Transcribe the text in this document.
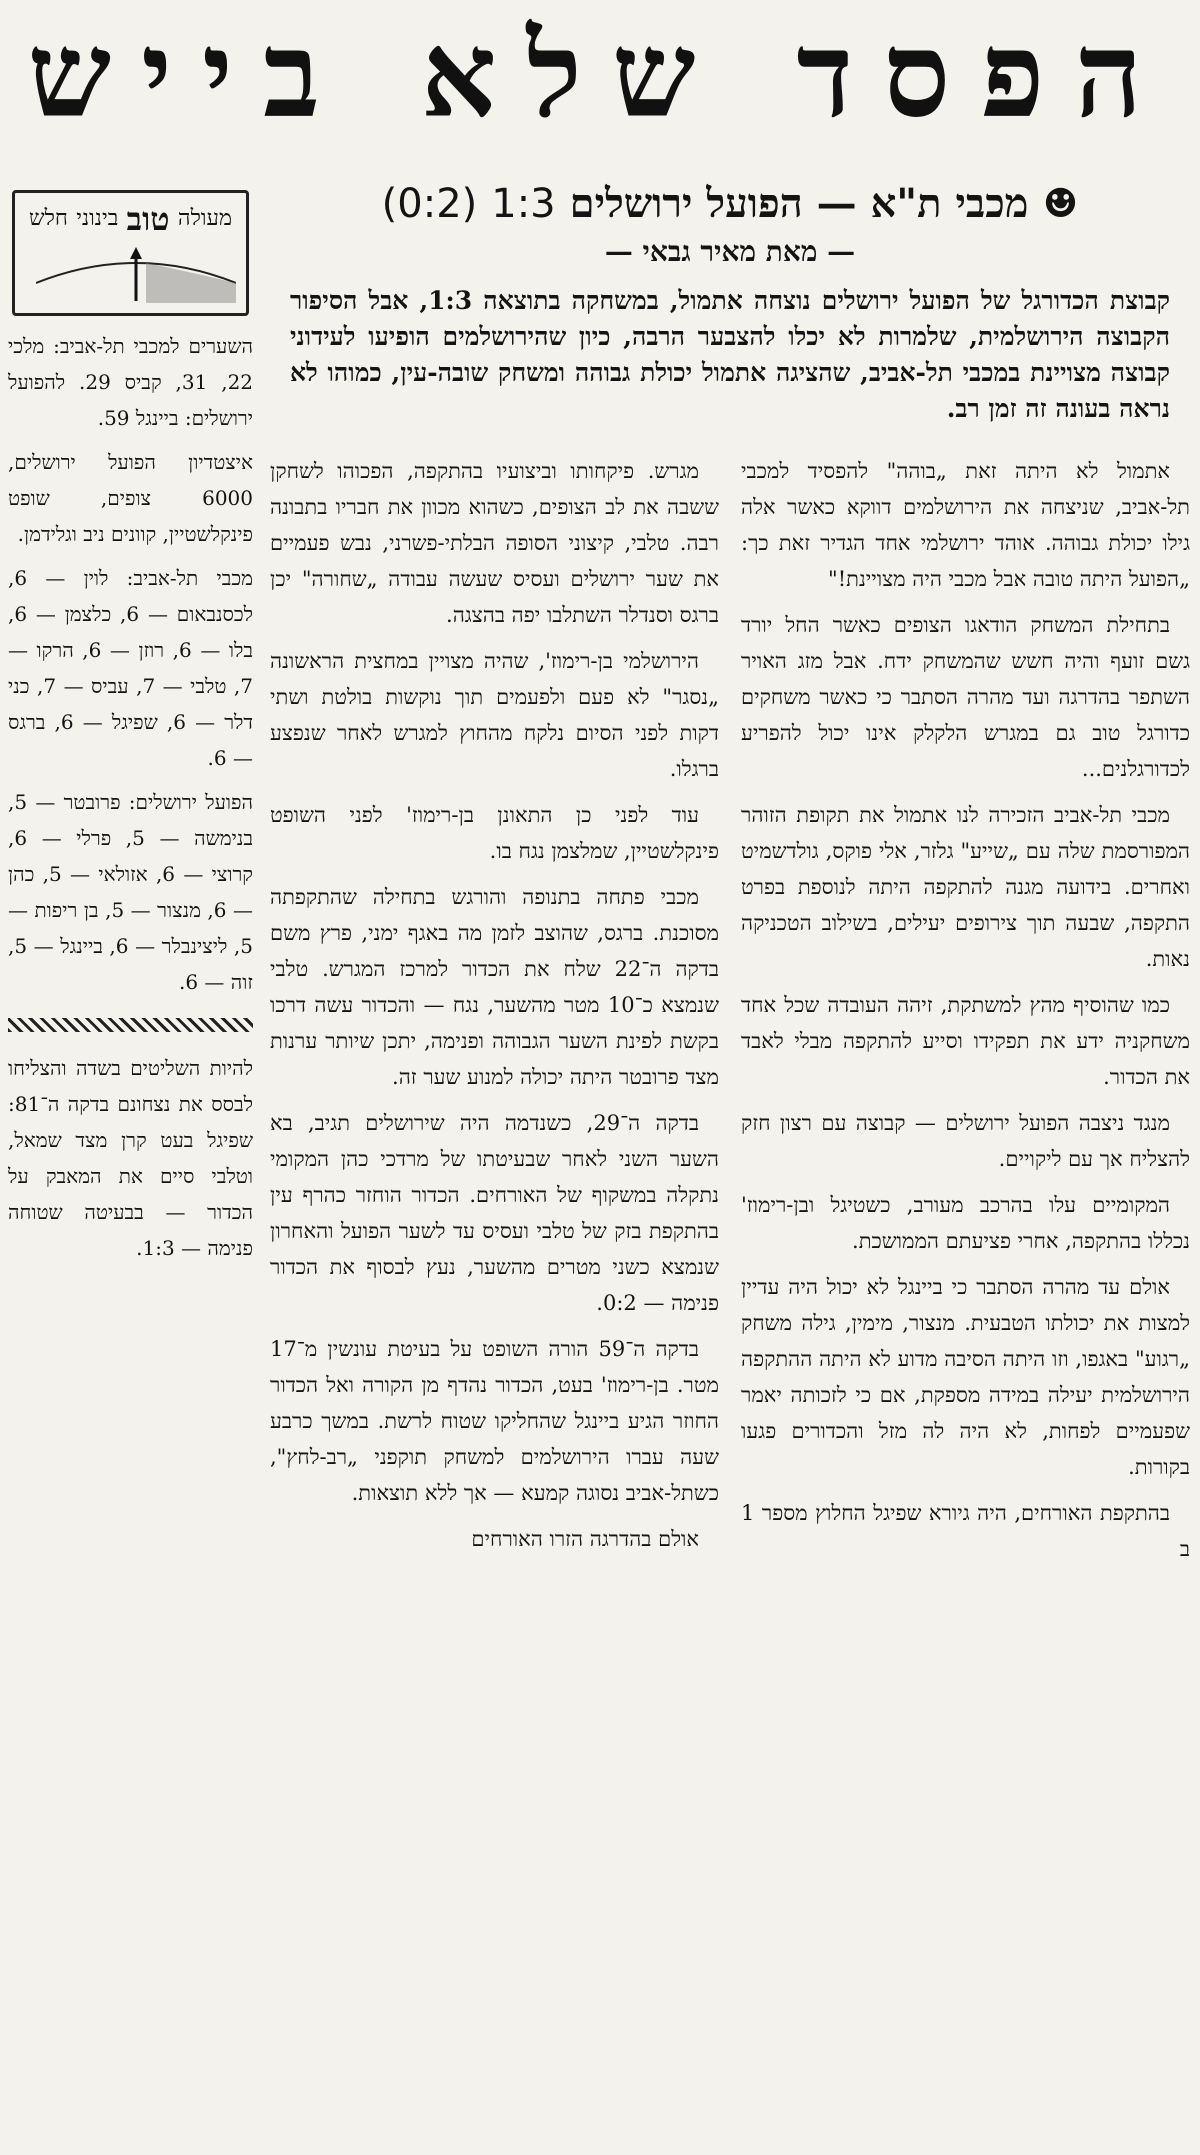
הפסד שלא בייש
☻
מכבי ת"א — הפועל ירושלים
1:3
(0:2)
— מאת מאיר גבאי —
קבוצת הכדורגל של הפועל ירושלים נוצחה אתמול, במשחקה בתוצאה 1:3, אבל הסיפור הקבוצה הירושלמית, שלמרות לא יכלו להצבער הרבה, כיון שהירושלמים הופיעו לעידוני קבוצה מצויינת במכבי תל-אביב, שהציגה אתמול יכולת גבוהה ומשחק שובה-עין, כמוהו לא נראה בעונה זה זמן רב.

אתמול לא היתה זאת „בוהה" להפסיד למכבי תל-אביב, שניצחה את הירושלמים דווקא כאשר אלה גילו יכולת גבוהה. אוהד ירושלמי אחד הגדיר זאת כך: „הפועל היתה טובה אבל מכבי היה מצויינת!"

בתחילת המשחק הודאגו הצופים כאשר החל יורד גשם זועף והיה חשש שהמשחק ידח. אבל מזג האויר השתפר בהדרגה ועד מהרה הסתבר כי כאשר משחקים כדורגל טוב גם במגרש הלקלק אינו יכול להפריע לכדורגלנים...

מכבי תל-אביב הזכירה לנו אתמול את תקופת הזוהר המפורסמת שלה עם „שייע" גלזר, אלי פוקס, גולדשמיט ואחרים. בידועה מגנה להתקפה היתה לנוספת בפרט התקפה, שבעה תוך צירופים יעילים, בשילוב הטכניקה נאות.

כמו שהוסיף מהץ למשתקת, זיהה העובדה שכל אחד משחקניה ידע את תפקידו וסייע להתקפה מבלי לאבד את הכדור.

מנגד ניצבה הפועל ירושלים — קבוצה עם רצון חזק להצליח אך עם ליקויים.

המקומיים עלו בהרכב מעורב, כשטיגל ובן-רימוז' נכללו בהתקפה, אחרי פציעתם הממושכת.

אולם עד מהרה הסתבר כי ביינגל לא יכול היה עדיין למצות את יכולתו הטבעית. מנצור, מימין, גילה משחק „רגוע" באגפו, וזו היתה הסיבה מדוע לא היתה ההתקפה הירושלמית יעילה במידה מספקת, אם כי לזכותה יאמר שפעמיים לפחות, לא היה לה מזל והכדורים פגעו בקורות.

בהתקפת האורחים, היה גיורא שפיגל החלוץ מספר 1 ב

מגרש. פיקחותו וביצועיו בהתקפה, הפכוהו לשחקן ששבה את לב הצופים, כשהוא מכוון את חבריו בתבונה רבה. טלבי, קיצוני הסופה הבלתי-פשרני, נבש פעמיים את שער ירושלים ועסיס שעשה עבודה „שחורה" יכן ברגס וסנדלר השתלבו יפה בהצגה.

הירושלמי בן-רימוז', שהיה מצויין במחצית הראשונה „נסגר" לא פעם ולפעמים תוך נוקשות בולטת ושתי דקות לפני הסיום נלקח מהחוץ למגרש לאחר שנפצע ברגלו.

עוד לפני כן התאונן בן-רימוז' לפני השופט פינקלשטיין, שמלצמן נגח בו.

מכבי פתחה בתנופה והורגש בתחילה שהתקפתה מסוכנת. ברגס, שהוצב לזמן מה באגף ימני, פרץ משם בדקה ה־22 שלח את הכדור למרכז המגרש. טלבי שנמצא כ־10 מטר מהשער, נגח — והכדור עשה דרכו בקשת לפינת השער הגבוהה ופנימה, יתכן שיותר ערנות מצד פרובטר היתה יכולה למנוע שער זה.

בדקה ה־29, כשנדמה היה שירושלים תגיב, בא השער השני לאחר שבעיטתו של מרדכי כהן המקומי נתקלה במשקוף של האורחים. הכדור הוחזר כהרף עין בהתקפת בזק של טלבי ועסיס עד לשער הפועל והאחרון שנמצא כשני מטרים מהשער, נעץ לבסוף את הכדור פנימה — 0:2.

בדקה ה־59 הורה השופט על בעיטת עונשין מ־17 מטר. בן-רימוז' בעט, הכדור נהדף מן הקורה ואל הכדור החוזר הגיע ביינגל שהחליקו שטוח לרשת. במשך כרבע שעה עברו הירושלמים למשחק תוקפני „רב-לחץ", כשתל-אביב נסוגה קמעא — אך ללא תוצאות.

אולם בהדרגה הזרו האורחים

מעולה
טוב
בינוני
חלש

השערים למכבי תל-אביב: מלכי 22, 31, קביס 29. להפועל ירושלים: ביינגל 59.

איצטדיון הפועל ירושלים, 6000 צופים, שופט פינקלשטיין, קוונים ניב וגלידמן.

מכבי תל-אביב: לוין — 6, לכסנבאום — 6, כלצמן — 6, בלו — 6, רוזן — 6, הרקו — 7, טלבי — 7, עביס — 7, כני דלר — 6, שפיגל — 6, ברגס — 6.

הפועל ירושלים: פרובטר — 5, בנימשה — 5, פרלי — 6, קרוצי — 6, אזולאי — 5, כהן — 6, מנצור — 5, בן ריפות — 5, ליצינבלר — 6, ביינגל — 5, זוה — 6.

להיות השליטים בשדה והצליחו לבסס את נצחונם בדקה ה־81: שפיגל בעט קרן מצד שמאל, וטלבי סיים את המאבק על הכדור — בבעיטה שטוחה פנימה — 1:3.
